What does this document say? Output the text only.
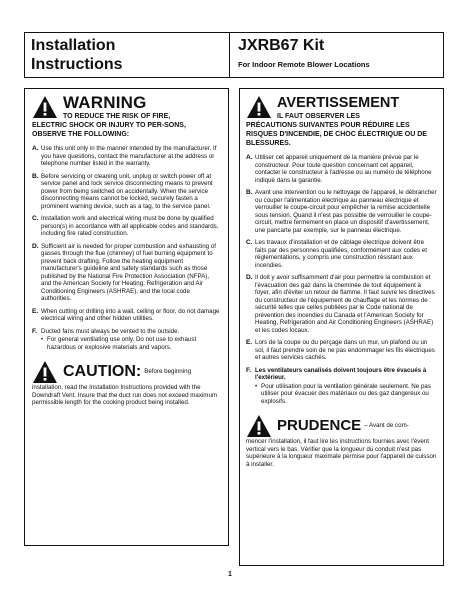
Installation
Instructions
JXRB67 Kit
For Indoor Remote Blower Locations
WARNING
TO REDUCE THE RISK OF FIRE,
ELECTRIC SHOCK OR INJURY TO PER-SONS, OBSERVE THE FOLLOWING:
A. Use this unit only in the manner intended by the manufacturer. If you have questions, contact the manufacturer at the address or telephone number listed in the warranty.
B. Before servicing or cleaning unit, unplug or switch power off at service panel and lock service disconnecting means to prevent power from being switched on accidentally. When the service disconnecting means cannot be locked, securely fasten a prominent warning device, such as a tag, to the service panel.
C. Installation work and electrical wiring must be done by qualified person(s) in accordance with all applicable codes and standards, including fire rated construction.
D. Sufficient air is needed for proper combustion and exhausting of gasses through the flue (chimney) of fuel burning equipment to prevent back drafting. Follow the heating equipment manufacturer's guideline and safety standards such as those published by the National Fire Protection Association (NFPA), and the American Society for Heating, Refrigeration and Air Conditioning Engineers (ASHRAE), and the local code authorities.
E. When cutting or drilling into a wall, ceiling or floor, do not damage electrical wiring and other hidden utilities.
F. Ducted fans must always be vented to the outside.
• For general ventilating use only. Do not use to exhaust hazardous or explosive materials and vapors.
CAUTION: Before beginning
installation, read the Installation Instructions provided with the Downdraft Vent. Insure that the duct run does not exceed maximum permissible length for the cooking product being installed.
AVERTISSEMENT
IL FAUT OBSERVER LES
PRÉCAUTIONS SUIVANTES POUR RÉDUIRE LES RISQUES D'INCENDIE, DE CHOC ÉLECTRIQUE OU DE BLESSURES.
A. Utiliser cet appareil uniquement de la manière prévue par le constructeur. Pour toute question concernant cet appareil, contacter le constructeur à l'adresse ou au numéro de téléphone indiqué dans la garantie.
B. Avant une intervention ou le nettoyage de l'appareil, le débrancher ou couper l'alimentation électrique au panneau électrique et verrouiller le coupe-circuit pour empêcher la remise accidentelle sous tension. Quand il n'est pas possible de verrouiller le coupe-circuit, mettre fermement en place un dispositif d'avertissement, une pancarte par exemple, sur le panneau électrique.
C. Les travaux d'installation et de câblage électrique doivent être faits par des personnes qualifiées, conformément aux codes et réglementations, y compris une construction résistant aux incendies.
D. Il doit y avoir suffisamment d'air pour permettre la combustion et l'évacuation des gaz dans la cheminée de tout équipement à foyer, afin d'éviter un retour de flamme. Il faut suivre les directives du constructeur de l'équipement de chauffage et les normes de sécurité telles que celles publiées par le Code national de prévention des incendies du Canada et l'American Society for Heating, Refrigeration and Air Conditioning Engineers (ASHRAE) et les codes locaux.
E. Lors de la coupe ou du perçage dans un mur, un plafond ou un sol, il faut prendre soin de ne pas endommager les fils électriques et autres services cachés.
F. Les ventilateurs canalisés doivent toujours être évacués à l'extérieur.
• Pour utilisation pour la ventilation générale seulement. Ne pas utiliser pour évacuer des matériaux ou des gaz dangereux ou explosifs.
PRUDENCE – Avant de com-
mencer l'installation, il faut lire les instructions fournies avec l'évent vertical vers le bas. Vérifier que la longueur du conduit n'est pas supérieure à la longueur maximale permise pour l'appareil de cuisson à installer.
1
